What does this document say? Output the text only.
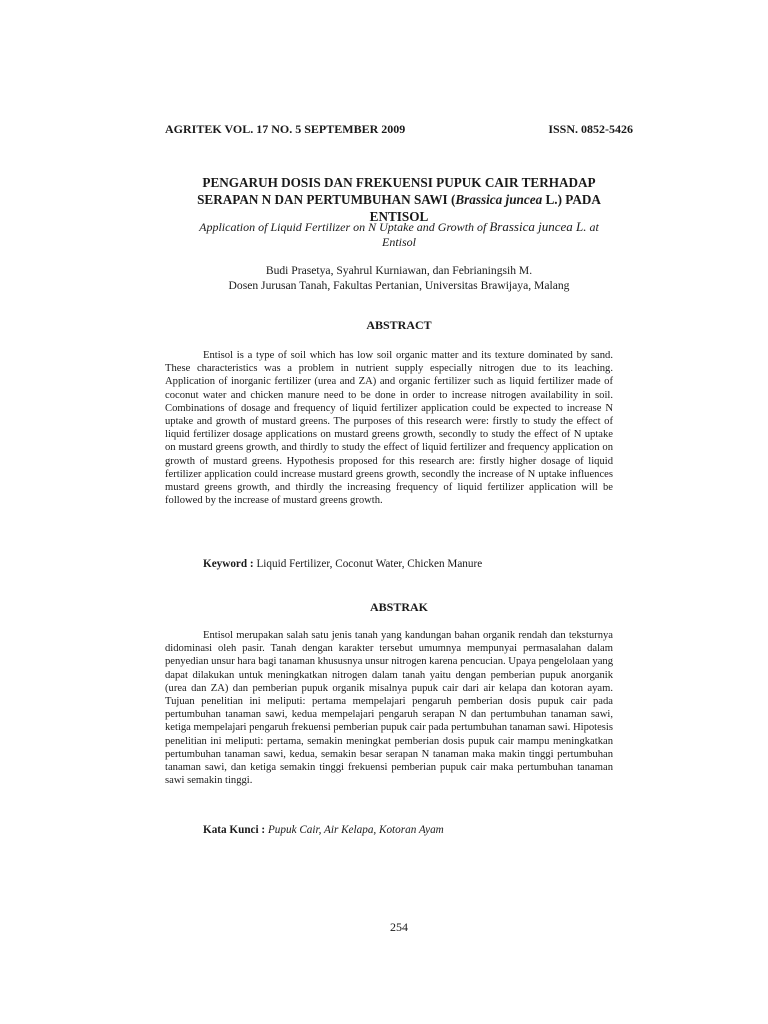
AGRITEK VOL. 17 NO. 5 SEPTEMBER 2009	ISSN. 0852-5426
PENGARUH DOSIS DAN FREKUENSI PUPUK CAIR TERHADAP
SERAPAN N DAN PERTUMBUHAN SAWI (Brassica juncea L.) PADA
ENTISOL
Application of Liquid Fertilizer on N Uptake and Growth of Brassica juncea L. at
Entisol
Budi Prasetya, Syahrul Kurniawan, dan Febrianingsih M.
Dosen Jurusan Tanah, Fakultas Pertanian, Universitas Brawijaya, Malang
ABSTRACT

Entisol is a type of soil which has low soil organic matter and its texture dominated by sand. These characteristics was a problem in nutrient supply especially nitrogen due to its leaching. Application of inorganic fertilizer (urea and ZA) and organic fertilizer such as liquid fertilizer made of coconut water and chicken manure need to be done in order to increase nitrogen availability in soil. Combinations of dosage and frequency of liquid fertilizer application could be expected to increase N uptake and growth of mustard greens. The purposes of this research were: firstly to study the effect of liquid fertilizer dosage applications on mustard greens growth, secondly to study the effect of N uptake on mustard greens growth, and thirdly to study the effect of liquid fertilizer and frequency application on growth of mustard greens. Hypothesis proposed for this research are: firstly higher dosage of liquid fertilizer application could increase mustard greens growth, secondly the increase of N uptake influences mustard greens growth, and thirdly the increasing frequency of liquid fertilizer application will be followed by the increase of mustard greens growth.

Keyword : Liquid Fertilizer, Coconut Water, Chicken Manure
ABSTRAK

Entisol merupakan salah satu jenis tanah yang kandungan bahan organik rendah dan teksturnya didominasi oleh pasir. Tanah dengan karakter tersebut umumnya mempunyai permasalahan dalam penyedian unsur hara bagi tanaman khususnya unsur nitrogen karena pencucian. Upaya pengelolaan yang dapat dilakukan untuk meningkatkan nitrogen dalam tanah yaitu dengan pemberian pupuk anorganik (urea dan ZA) dan pemberian pupuk organik misalnya pupuk cair dari air kelapa dan kotoran ayam. Tujuan penelitian ini meliputi: pertama mempelajari pengaruh pemberian dosis pupuk cair pada pertumbuhan tanaman sawi, kedua mempelajari pengaruh serapan N dan pertumbuhan tanaman sawi, ketiga mempelajari pengaruh frekuensi pemberian pupuk cair pada pertumbuhan tanaman sawi. Hipotesis penelitian ini meliputi: pertama, semakin meningkat pemberian dosis pupuk cair mampu meningkatkan pertumbuhan tanaman sawi, kedua, semakin besar serapan N tanaman maka makin tinggi pertumbuhan tanaman sawi, dan ketiga semakin tinggi frekuensi pemberian pupuk cair maka pertumbuhan tanaman sawi semakin tinggi.

Kata Kunci : Pupuk Cair, Air Kelapa, Kotoran Ayam
254
